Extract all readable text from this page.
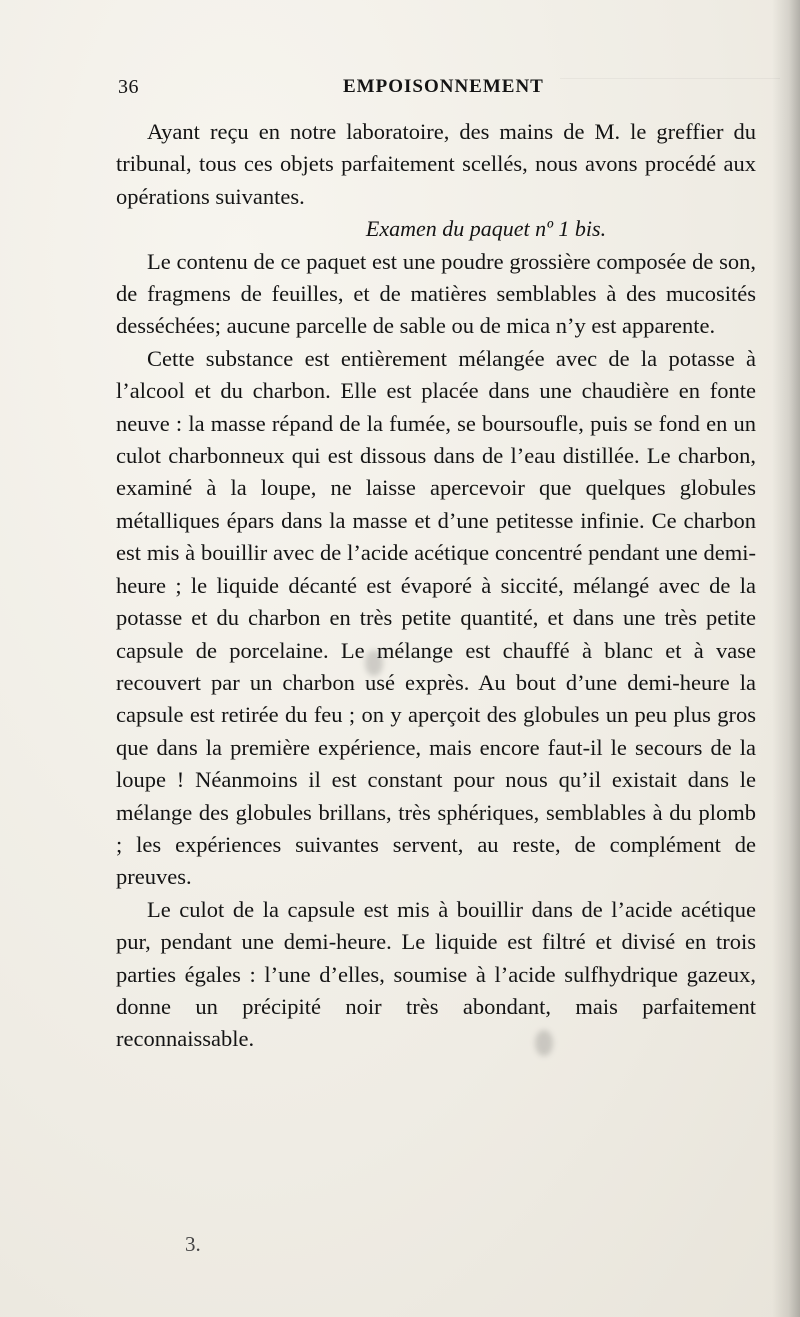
36	EMPOISONNEMENT

Ayant reçu en notre laboratoire, des mains de M. le greffier du tribunal, tous ces objets parfaitement scellés, nous avons procédé aux opérations suivantes.

Examen du paquet nº 1 bis.

Le contenu de ce paquet est une poudre grossière composée de son, de fragmens de feuilles, et de matières semblables à des mucosités desséchées; aucune parcelle de sable ou de mica n’y est apparente.

Cette substance est entièrement mélangée avec de la potasse à l’alcool et du charbon. Elle est placée dans une chaudière en fonte neuve : la masse répand de la fumée, se boursoufle, puis se fond en un culot charbonneux qui est dissous dans de l’eau distillée. Le charbon, examiné à la loupe, ne laisse apercevoir que quelques globules métalliques épars dans la masse et d’une petitesse infinie. Ce charbon est mis à bouillir avec de l’acide acétique concentré pendant une demi-heure ; le liquide décanté est évaporé à siccité, mélangé avec de la potasse et du charbon en très petite quantité, et dans une très petite capsule de porcelaine. Le mélange est chauffé à blanc et à vase recouvert par un charbon usé exprès. Au bout d’une demi-heure la capsule est retirée du feu ; on y aperçoit des globules un peu plus gros que dans la première expérience, mais encore faut-il le secours de la loupe ! Néanmoins il est constant pour nous qu’il existait dans le mélange des globules brillans, très sphériques, semblables à du plomb ; les expériences suivantes servent, au reste, de complément de preuves.

Le culot de la capsule est mis à bouillir dans de l’acide acétique pur, pendant une demi-heure. Le liquide est filtré et divisé en trois parties égales : l’une d’elles, soumise à l’acide sulfhydrique gazeux, donne un précipité noir très abondant, mais parfaitement reconnaissable.

3.
